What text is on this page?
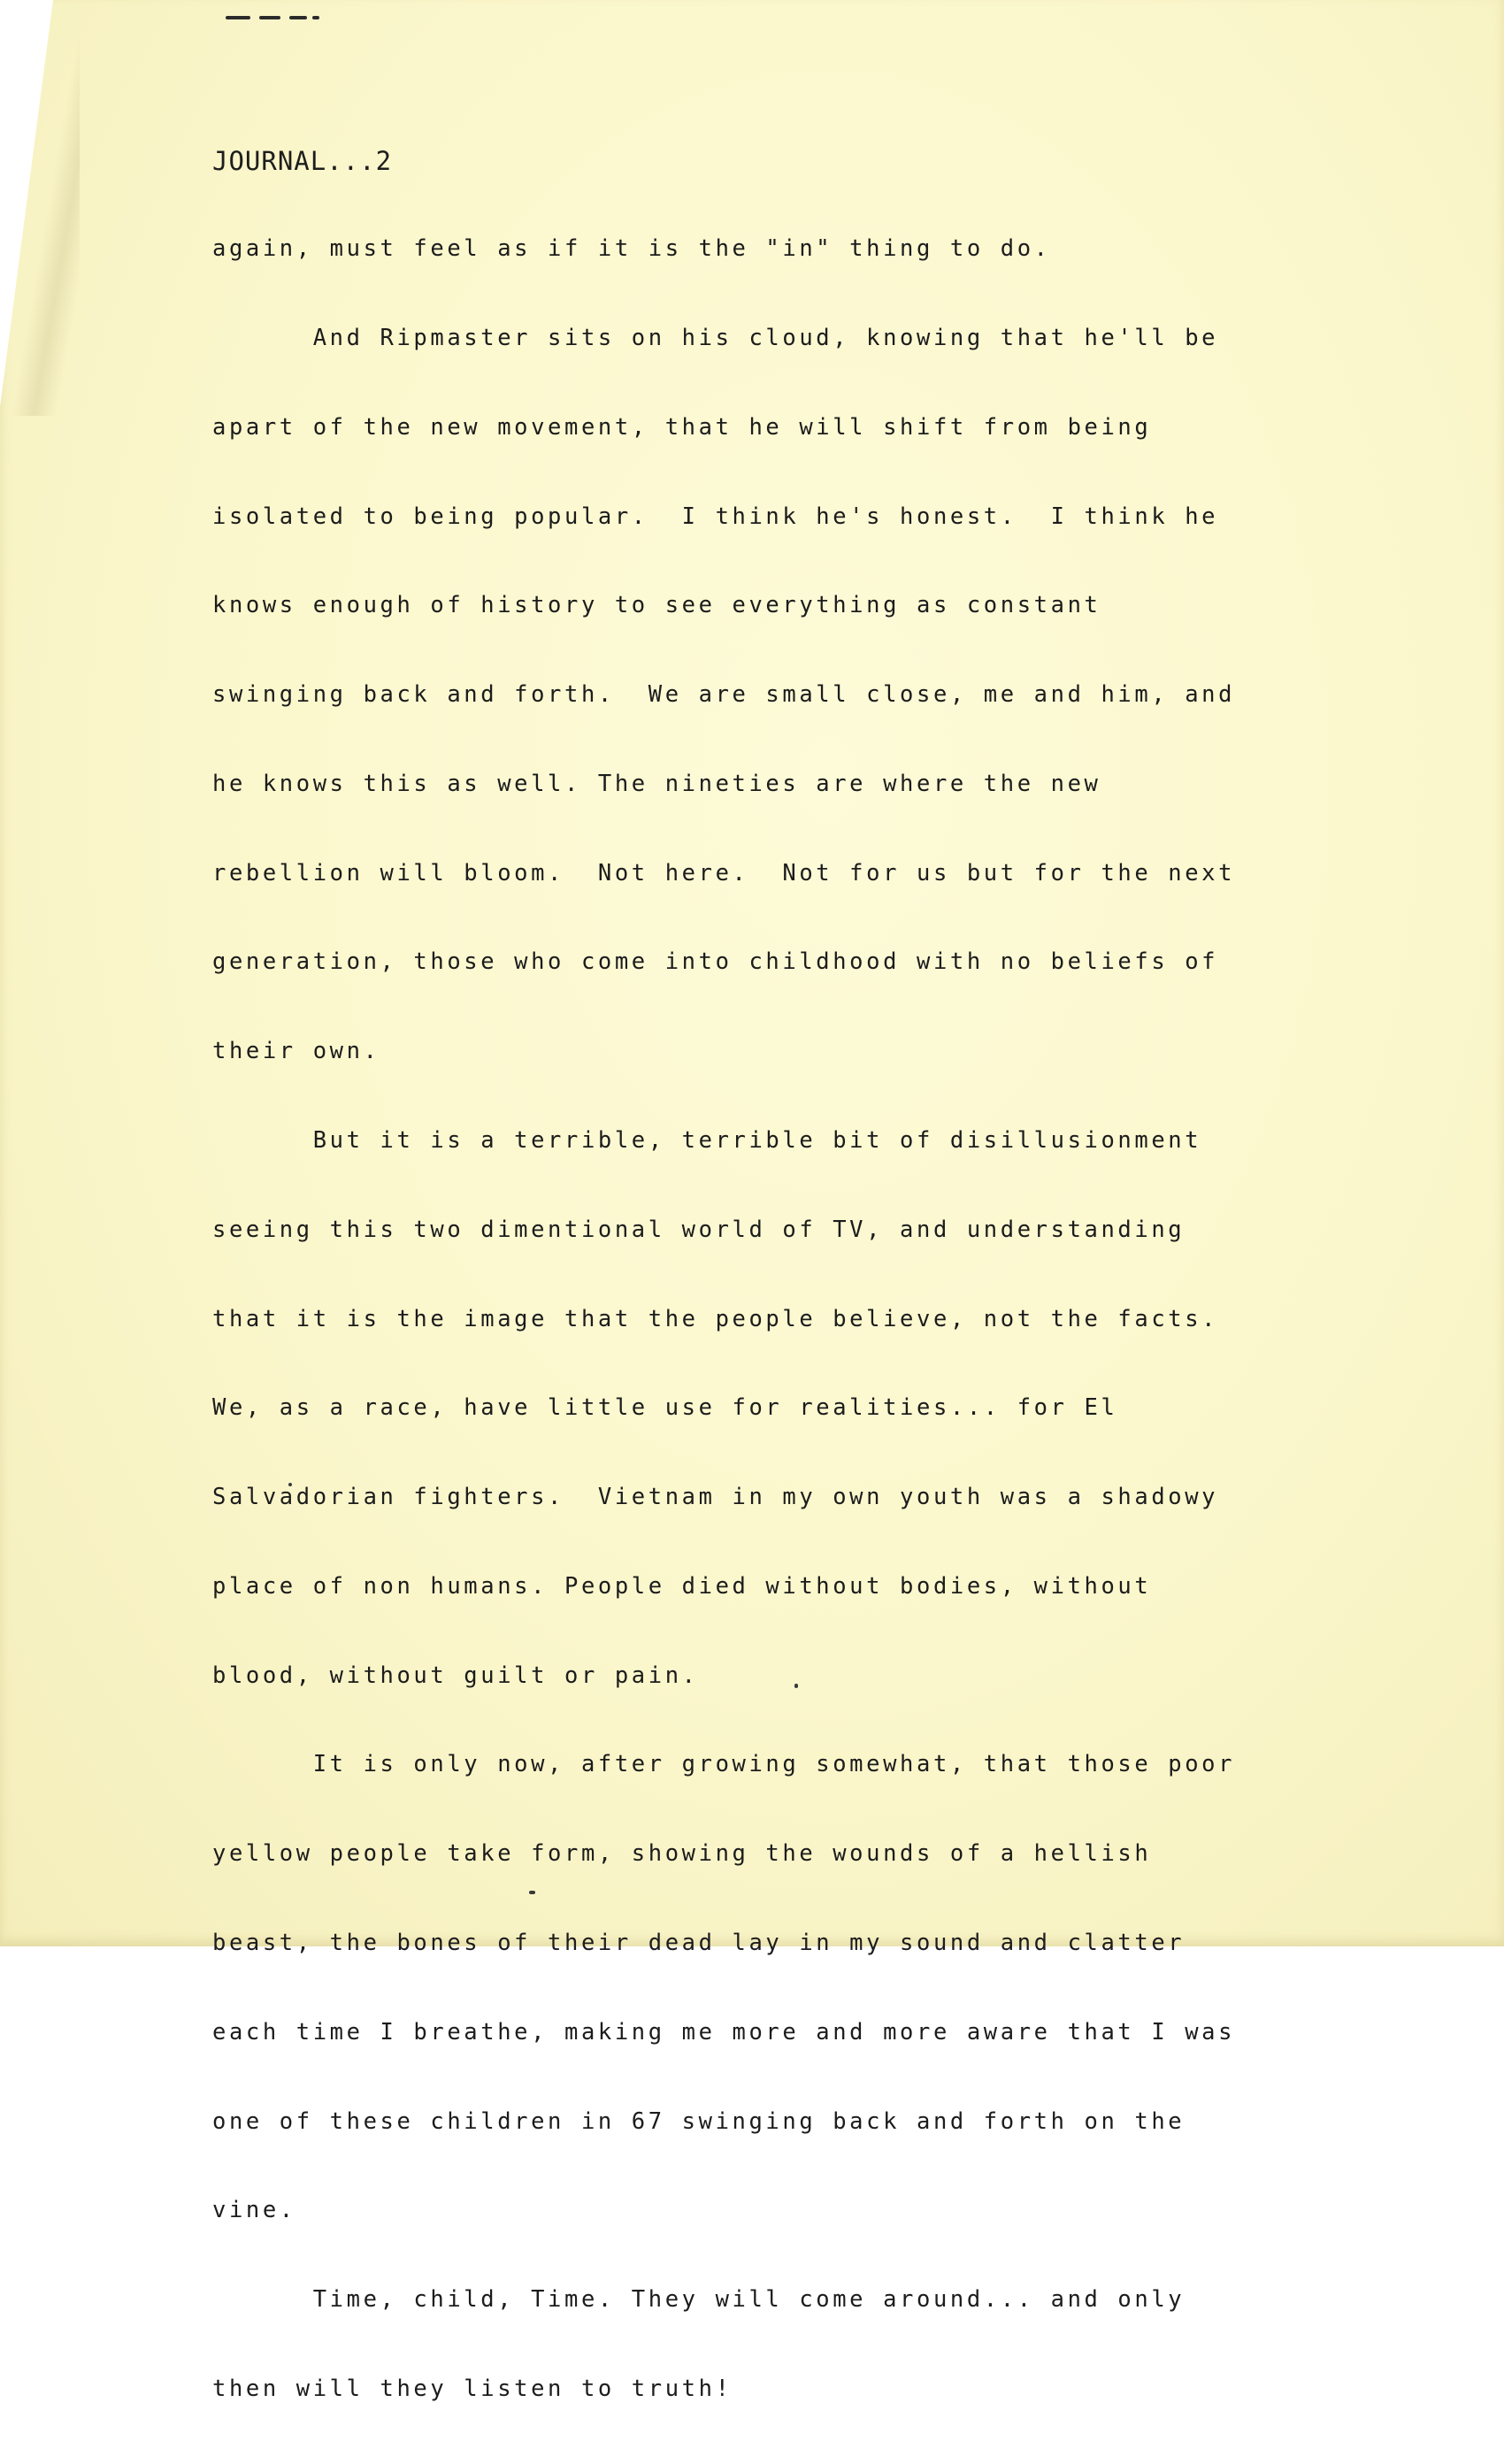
JOURNAL...2

again, must feel as if it is the "in" thing to do.

And Ripmaster sits on his cloud, knowing that he'll be

apart of the new movement, that he will shift from being

isolated to being popular.  I think he's honest.  I think he

knows enough of history to see everything as constant

swinging back and forth.  We are small close, me and him, and

he knows this as well. The nineties are where the new

rebellion will bloom.  Not here.  Not for us but for the next

generation, those who come into childhood with no beliefs of

their own.

But it is a terrible, terrible bit of disillusionment

seeing this two dimentional world of TV, and understanding

that it is the image that the people believe, not the facts.

We, as a race, have little use for realities... for El

Salvadorian fighters.  Vietnam in my own youth was a shadowy

place of non humans. People died without bodies, without

blood, without guilt or pain.

It is only now, after growing somewhat, that those poor

yellow people take form, showing the wounds of a hellish

beast, the bones of their dead lay in my sound and clatter

each time I breathe, making me more and more aware that I was

one of these children in 67 swinging back and forth on the

vine.

Time, child, Time. They will come around... and only

then will they listen to truth!
